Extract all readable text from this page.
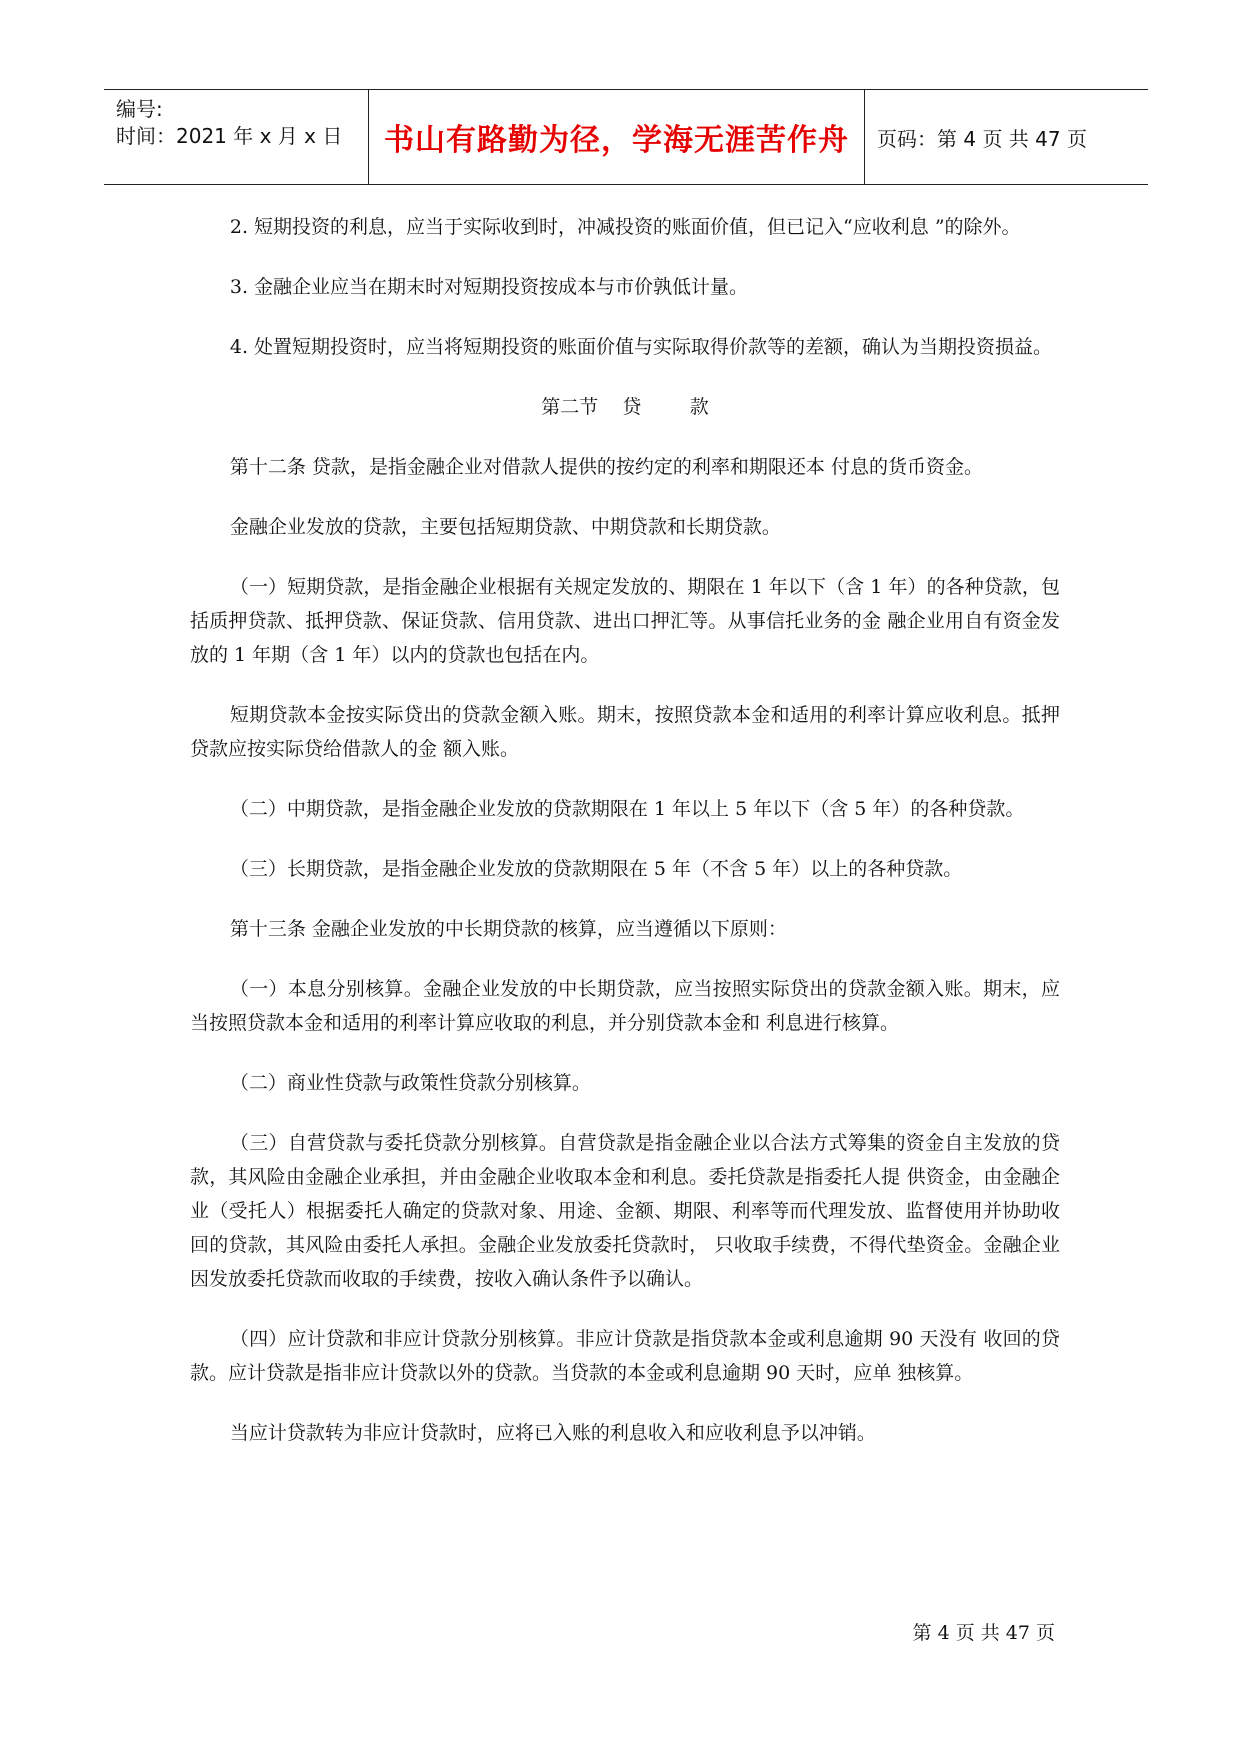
编号:
时间：2021 年 x 月 x 日 书山有路勤为径，学海无涯苦作舟 页码：第 4 页 共 47 页

2. 短期投资的利息，应当于实际收到时，冲减投资的账面价值，但已记入“应收利息 ”的除外。

3. 金融企业应当在期末时对短期投资按成本与市价孰低计量。

4. 处置短期投资时，应当将短期投资的账面价值与实际取得价款等的差额，确认为当期投资损益。

第二节    贷        款

第十二条 贷款，是指金融企业对借款人提供的按约定的利率和期限还本 付息的货币资金。

金融企业发放的贷款，主要包括短期贷款、中期贷款和长期贷款。

（一）短期贷款，是指金融企业根据有关规定发放的、期限在 1 年以下（含 1 年）的各种贷款，包括质押贷款、抵押贷款、保证贷款、信用贷款、进出口押汇等。从事信托业务的金 融企业用自有资金发放的 1 年期（含 1 年）以内的贷款也包括在内。

短期贷款本金按实际贷出的贷款金额入账。期末，按照贷款本金和适用的利率计算应收利息。抵押贷款应按实际贷给借款人的金 额入账。

（二）中期贷款，是指金融企业发放的贷款期限在 1 年以上 5 年以下（含 5 年）的各种贷款。

（三）长期贷款，是指金融企业发放的贷款期限在 5 年（不含 5 年）以上的各种贷款。

第十三条 金融企业发放的中长期贷款的核算，应当遵循以下原则：

（一）本息分别核算。金融企业发放的中长期贷款，应当按照实际贷出的贷款金额入账。期末，应当按照贷款本金和适用的利率计算应收取的利息，并分别贷款本金和 利息进行核算。

（二）商业性贷款与政策性贷款分别核算。

（三）自营贷款与委托贷款分别核算。自营贷款是指金融企业以合法方式筹集的资金自主发放的贷款，其风险由金融企业承担，并由金融企业收取本金和利息。委托贷款是指委托人提 供资金，由金融企业（受托人）根据委托人确定的贷款对象、用途、金额、期限、利率等而代理发放、监督使用并协助收回的贷款，其风险由委托人承担。金融企业发放委托贷款时， 只收取手续费，不得代垫资金。金融企业因发放委托贷款而收取的手续费，按收入确认条件予以确认。

（四）应计贷款和非应计贷款分别核算。非应计贷款是指贷款本金或利息逾期 90 天没有 收回的贷款。应计贷款是指非应计贷款以外的贷款。当贷款的本金或利息逾期 90 天时，应单 独核算。

当应计贷款转为非应计贷款时，应将已入账的利息收入和应收利息予以冲销。

第 4 页 共 47 页
